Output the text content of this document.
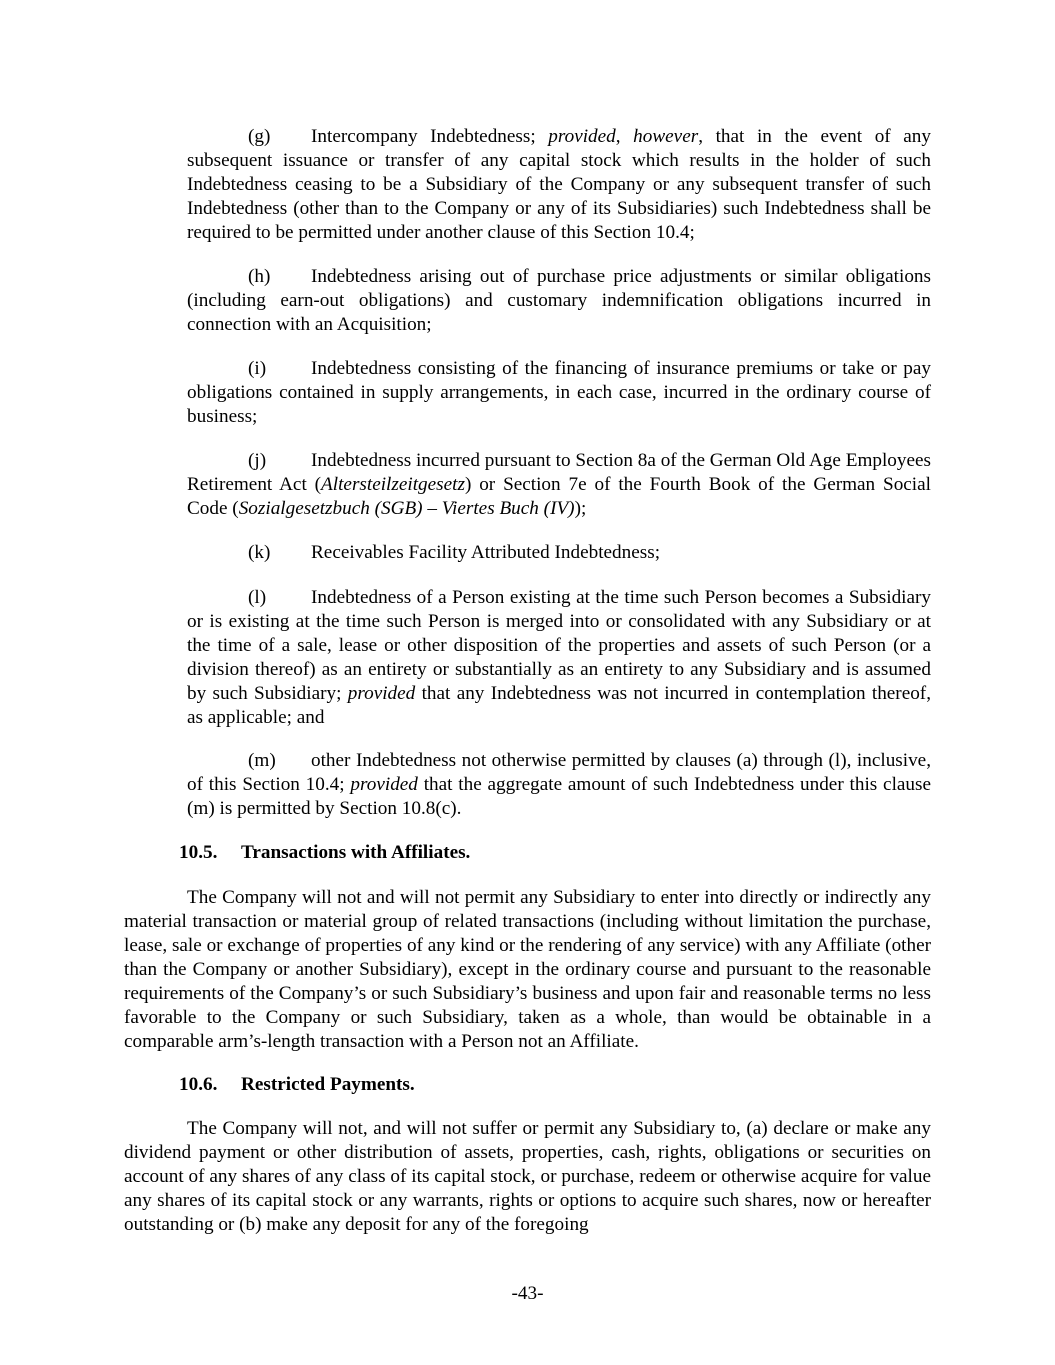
(g) Intercompany Indebtedness; provided, however, that in the event of any subsequent issuance or transfer of any capital stock which results in the holder of such Indebtedness ceasing to be a Subsidiary of the Company or any subsequent transfer of such Indebtedness (other than to the Company or any of its Subsidiaries) such Indebtedness shall be required to be permitted under another clause of this Section 10.4;

(h) Indebtedness arising out of purchase price adjustments or similar obligations (including earn-out obligations) and customary indemnification obligations incurred in connection with an Acquisition;

(i) Indebtedness consisting of the financing of insurance premiums or take or pay obligations contained in supply arrangements, in each case, incurred in the ordinary course of business;

(j) Indebtedness incurred pursuant to Section 8a of the German Old Age Employees Retirement Act (Altersteilzeitgesetz) or Section 7e of the Fourth Book of the German Social Code (Sozialgesetzbuch (SGB) – Viertes Buch (IV));

(k) Receivables Facility Attributed Indebtedness;

(l) Indebtedness of a Person existing at the time such Person becomes a Subsidiary or is existing at the time such Person is merged into or consolidated with any Subsidiary or at the time of a sale, lease or other disposition of the properties and assets of such Person (or a division thereof) as an entirety or substantially as an entirety to any Subsidiary and is assumed by such Subsidiary; provided that any Indebtedness was not incurred in contemplation thereof, as applicable; and

(m) other Indebtedness not otherwise permitted by clauses (a) through (l), inclusive, of this Section 10.4; provided that the aggregate amount of such Indebtedness under this clause (m) is permitted by Section 10.8(c).

10.5. Transactions with Affiliates.

The Company will not and will not permit any Subsidiary to enter into directly or indirectly any material transaction or material group of related transactions (including without limitation the purchase, lease, sale or exchange of properties of any kind or the rendering of any service) with any Affiliate (other than the Company or another Subsidiary), except in the ordinary course and pursuant to the reasonable requirements of the Company’s or such Subsidiary’s business and upon fair and reasonable terms no less favorable to the Company or such Subsidiary, taken as a whole, than would be obtainable in a comparable arm’s-length transaction with a Person not an Affiliate.

10.6. Restricted Payments.

The Company will not, and will not suffer or permit any Subsidiary to, (a) declare or make any dividend payment or other distribution of assets, properties, cash, rights, obligations or securities on account of any shares of any class of its capital stock, or purchase, redeem or otherwise acquire for value any shares of its capital stock or any warrants, rights or options to acquire such shares, now or hereafter outstanding or (b) make any deposit for any of the foregoing

-43-
